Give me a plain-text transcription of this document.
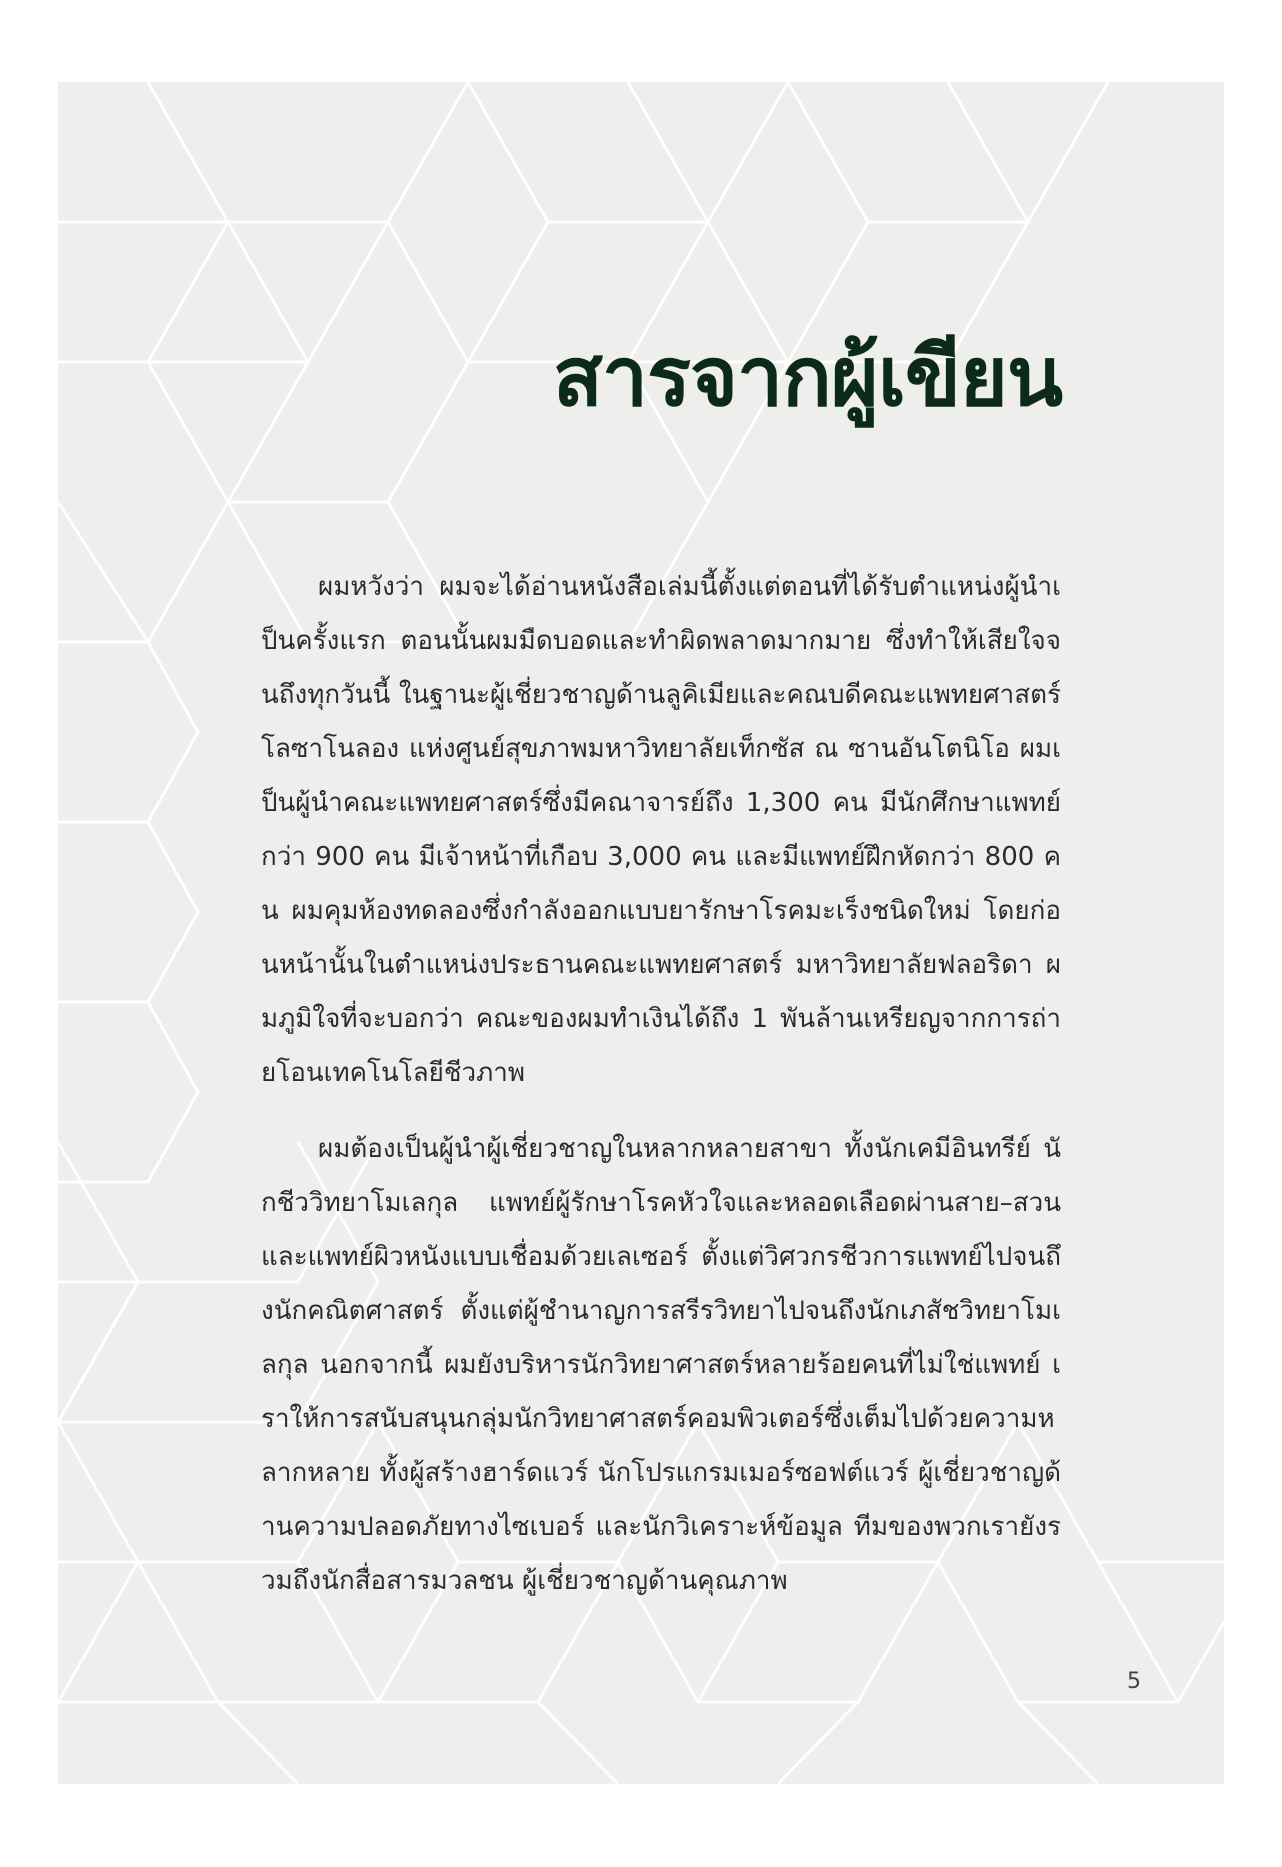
สารจากผู้เขียน

ผมหวังว่า ผมจะได้อ่านหนังสือเล่มนี้ตั้งแต่ตอนที่ได้รับตำแหน่งผู้นำเป็นครั้งแรก ตอนนั้นผมมืดบอดและทำผิดพลาดมากมาย ซึ่งทำให้เสียใจจนถึงทุกวันนี้ ในฐานะผู้เชี่ยวชาญด้านลูคิเมียและคณบดีคณะแพทยศาสตร์โลซาโนลอง แห่งศูนย์สุขภาพมหาวิทยาลัยเท็กซัส ณ ซานอันโตนิโอ ผมเป็นผู้นำคณะแพทยศาสตร์ซึ่งมีคณาจารย์ถึง 1,300 คน มีนักศึกษาแพทย์กว่า 900 คน มีเจ้าหน้าที่เกือบ 3,000 คน และมีแพทย์ฝึกหัดกว่า 800 คน ผมคุมห้องทดลองซึ่งกำลังออกแบบยารักษาโรคมะเร็งชนิดใหม่ โดยก่อนหน้านั้นในตำแหน่งประธานคณะแพทยศาสตร์ มหาวิทยาลัยฟลอริดา ผมภูมิใจที่จะบอกว่า คณะของผมทำเงินได้ถึง 1 พันล้านเหรียญจากการถ่ายโอนเทคโนโลยีชีวภาพ

ผมต้องเป็นผู้นำผู้เชี่ยวชาญในหลากหลายสาขา ทั้งนักเคมีอินทรีย์ นักชีววิทยาโมเลกุล แพทย์ผู้รักษาโรคหัวใจและหลอดเลือดผ่านสาย–สวน และแพทย์ผิวหนังแบบเชื่อมด้วยเลเซอร์ ตั้งแต่วิศวกรชีวการแพทย์ไปจนถึงนักคณิตศาสตร์ ตั้งแต่ผู้ชำนาญการสรีรวิทยาไปจนถึงนักเภสัชวิทยาโมเลกุล นอกจากนี้ ผมยังบริหารนักวิทยาศาสตร์หลายร้อยคนที่ไม่ใช่แพทย์ เราให้การสนับสนุนกลุ่มนักวิทยาศาสตร์คอมพิวเตอร์ซึ่งเต็มไปด้วยความหลากหลาย ทั้งผู้สร้างฮาร์ดแวร์ นักโปรแกรมเมอร์ซอฟต์แวร์ ผู้เชี่ยวชาญด้านความปลอดภัยทางไซเบอร์ และนักวิเคราะห์ข้อมูล ทีมของพวกเรายังรวมถึงนักสื่อสารมวลชน ผู้เชี่ยวชาญด้านคุณภาพ

5
